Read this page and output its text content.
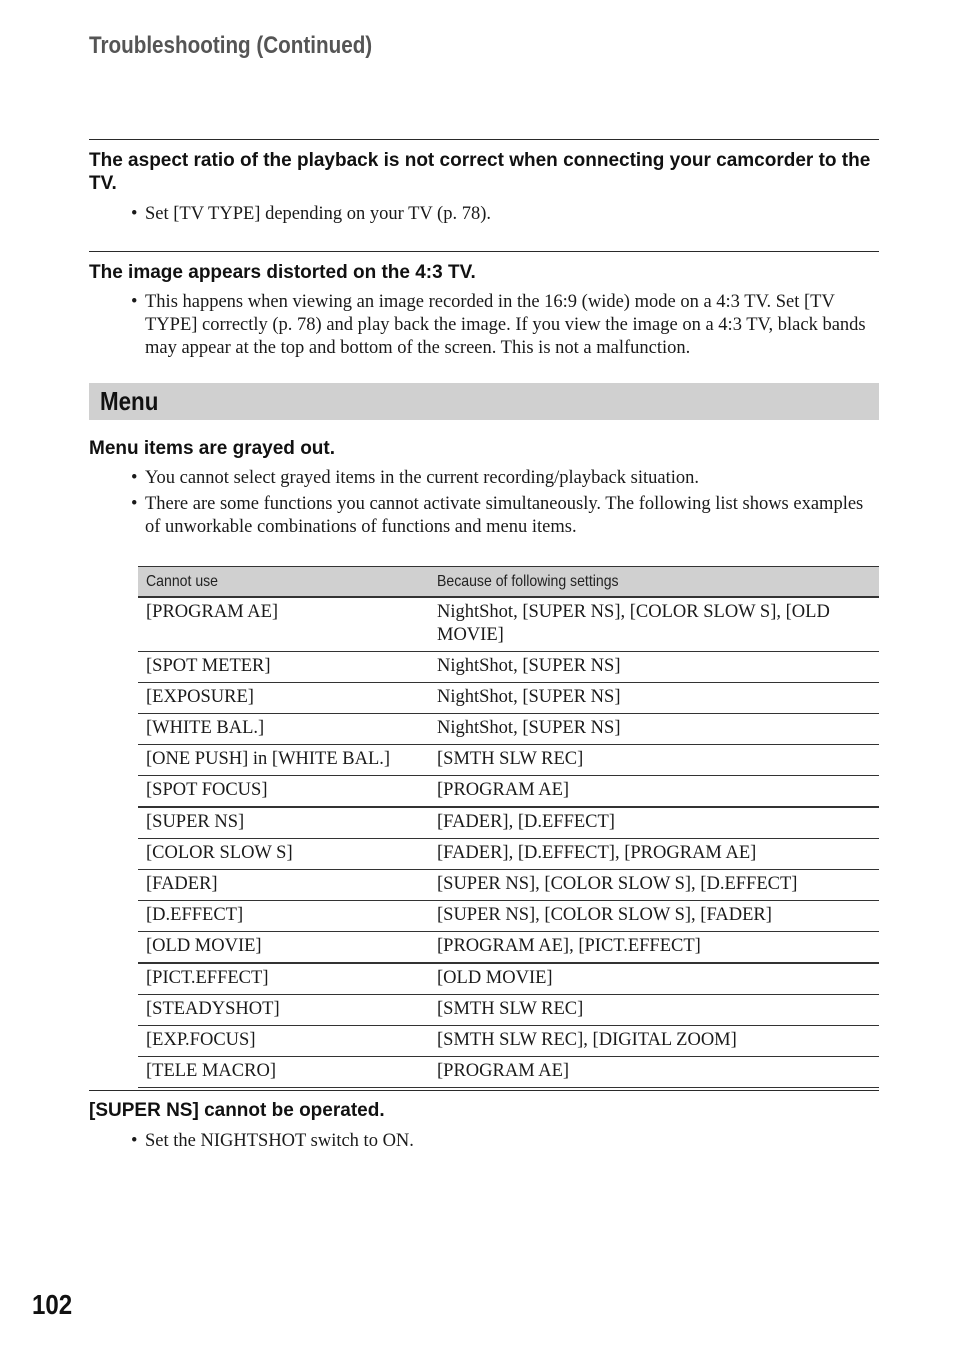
Troubleshooting (Continued)
The aspect ratio of the playback is not correct when connecting your camcorder to the TV.
• Set [TV TYPE] depending on your TV (p. 78).
The image appears distorted on the 4:3 TV.
• This happens when viewing an image recorded in the 16:9 (wide) mode on a 4:3 TV. Set [TV TYPE] correctly (p. 78) and play back the image. If you view the image on a 4:3 TV, black bands may appear at the top and bottom of the screen. This is not a malfunction.
Menu
Menu items are grayed out.
• You cannot select grayed items in the current recording/playback situation.
• There are some functions you cannot activate simultaneously. The following list shows examples of unworkable combinations of functions and menu items.
Cannot use	Because of following settings
[PROGRAM AE]	NightShot, [SUPER NS], [COLOR SLOW S], [OLD MOVIE]
[SPOT METER]	NightShot, [SUPER NS]
[EXPOSURE]	NightShot, [SUPER NS]
[WHITE BAL.]	NightShot, [SUPER NS]
[ONE PUSH] in [WHITE BAL.]	[SMTH SLW REC]
[SPOT FOCUS]	[PROGRAM AE]
[SUPER NS]	[FADER], [D.EFFECT]
[COLOR SLOW S]	[FADER], [D.EFFECT], [PROGRAM AE]
[FADER]	[SUPER NS], [COLOR SLOW S], [D.EFFECT]
[D.EFFECT]	[SUPER NS], [COLOR SLOW S], [FADER]
[OLD MOVIE]	[PROGRAM AE], [PICT.EFFECT]
[PICT.EFFECT]	[OLD MOVIE]
[STEADYSHOT]	[SMTH SLW REC]
[EXP.FOCUS]	[SMTH SLW REC], [DIGITAL ZOOM]
[TELE MACRO]	[PROGRAM AE]
[SUPER NS] cannot be operated.
• Set the NIGHTSHOT switch to ON.
102
